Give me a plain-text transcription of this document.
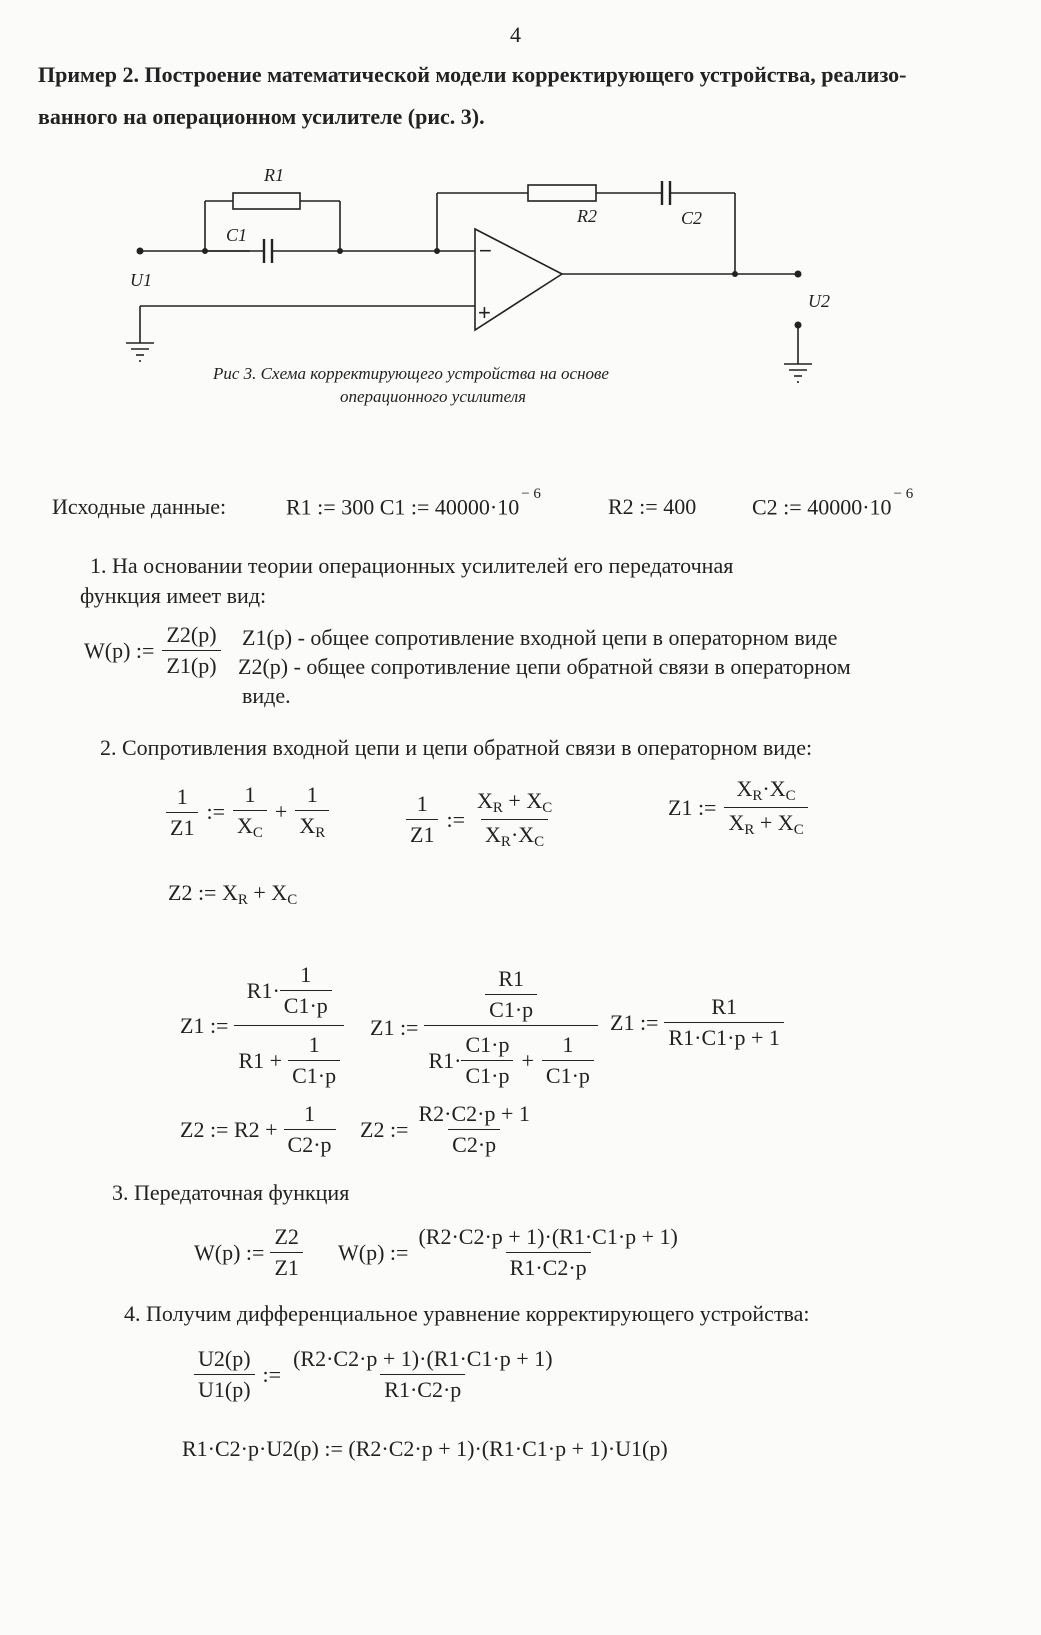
4
Пример 2. Построение математической модели корректирующего устройства, реализо-
ванного на операционном усилителе (рис. 3).
R1
C1
R2	C2
U1
U2
−
+
Рис 3. Схема корректирующего устройства на основе
операционного усилителя
Исходные данные:	R1 := 300 C1 := $40000\cdot 10^{- 6}$	R2 := 400	C2 := $40000\cdot 10^{- 6}$
1. На основании теории операционных усилителей его передаточная
функция имеет вид:
W(p) := $\frac{Z2(p)}{Z1(p)} Z1(p)$ - общее сопротивление входной цепи в операторном виде
Z2(p) - общее сопротивление цепи обратной связи в операторном
виде.
2. Сопротивления входной цепи и цепи обратной связи в операторном виде:
$\frac{1}{Z1}$ := $\frac{1}{X_C} + \frac{1}{X_R}$	$\frac{1}{Z1}$ := $\frac{X_R + X_C}{X_R\cdot X_C}$	Z1 := $\frac{X_R\cdot X_C}{X_R + X_C}$
Z2 := $X_R + X_C$
Z1 := $\frac{R1\cdot \frac{1}{C1\cdot p}}{R1 + \frac{1}{C1\cdot p}} Z1$ := $\frac{\frac{R1}{C1\cdot p}}{R1\cdot \frac{C1\cdot p}{C1\cdot p} + \frac{1}{C1\cdot p}} Z1$ := $\frac{R1}{R1\cdot C1\cdot p + 1}$
Z2 := $R2 + \frac{1}{C2\cdot p} Z2$ := $\frac{R2\cdot C2\cdot p + 1}{C2\cdot p}$
3. Передаточная функция
W(p) := $\frac{Z2}{Z1} W(p)$ := $\frac{(R2\cdot C2\cdot p + 1)\cdot(R1\cdot C1\cdot p + 1)}{R1\cdot C2\cdot p}$
4. Получим дифференциальное уравнение корректирующего устройства:
$\frac{U2(p)}{U1(p)}$ := $\frac{(R2\cdot C2\cdot p + 1)\cdot(R1\cdot C1\cdot p + 1)}{R1\cdot C2\cdot p}$
R1·C2·p·U2(p) := (R2·C2·p + 1)·(R1·C1·p + 1)·U1(p)
